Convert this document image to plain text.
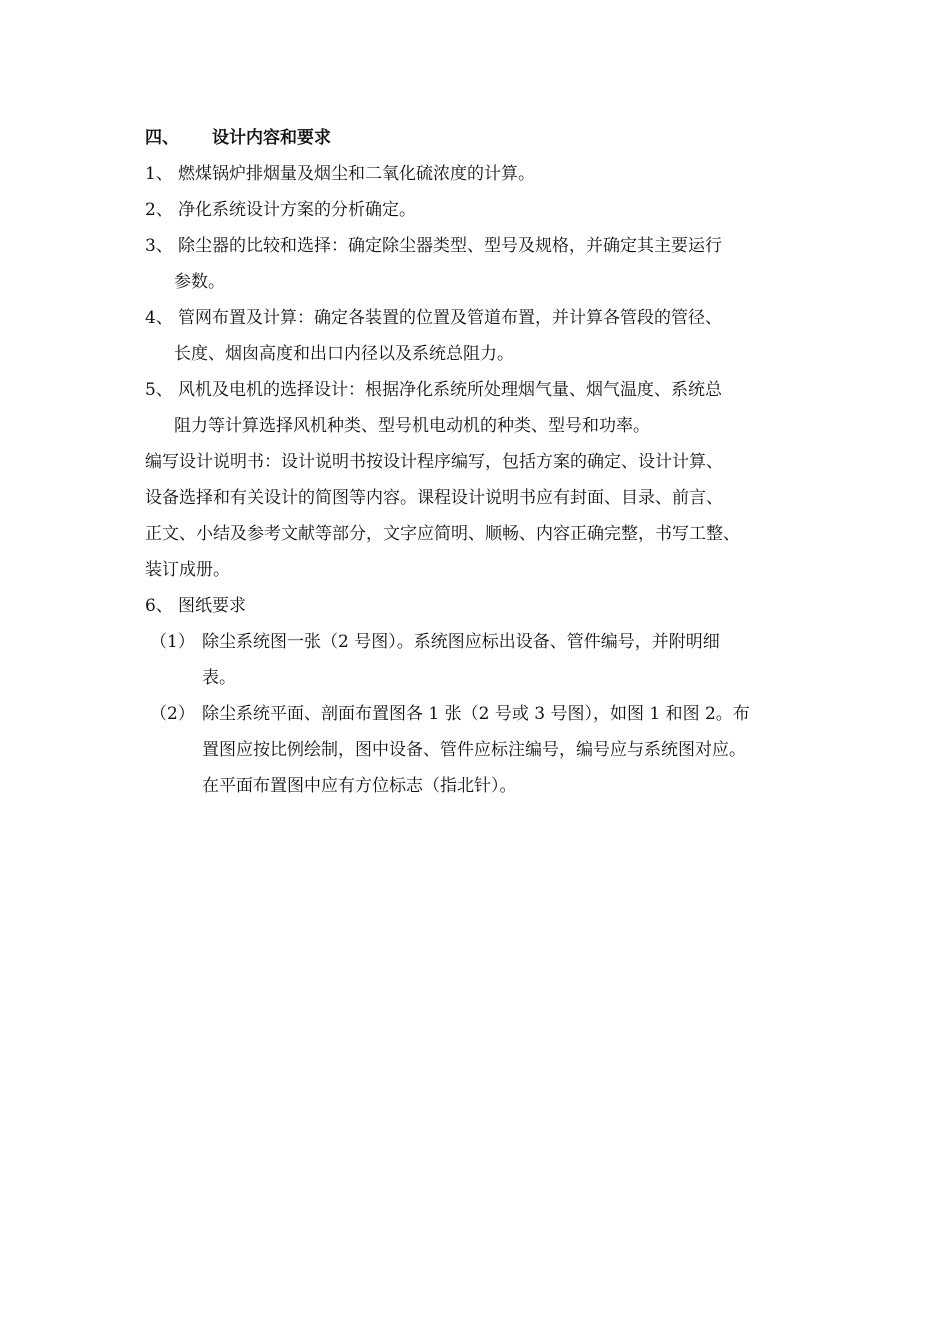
四、 设计内容和要求
1、 燃煤锅炉排烟量及烟尘和二氧化硫浓度的计算。
2、 净化系统设计方案的分析确定。
3、 除尘器的比较和选择：确定除尘器类型、型号及规格，并确定其主要运行
参数。
4、 管网布置及计算：确定各装置的位置及管道布置，并计算各管段的管径、
长度、烟囱高度和出口内径以及系统总阻力。
5、 风机及电机的选择设计：根据净化系统所处理烟气量、烟气温度、系统总
阻力等计算选择风机种类、型号机电动机的种类、型号和功率。
编写设计说明书：设计说明书按设计程序编写，包括方案的确定、设计计算、
设备选择和有关设计的简图等内容。课程设计说明书应有封面、目录、前言、
正文、小结及参考文献等部分，文字应简明、顺畅、内容正确完整，书写工整、
装订成册。
6、 图纸要求
（1） 除尘系统图一张（2 号图）。系统图应标出设备、管件编号，并附明细
表。
（2） 除尘系统平面、剖面布置图各 1 张（2 号或 3 号图），如图 1 和图 2。布
置图应按比例绘制，图中设备、管件应标注编号，编号应与系统图对应。
在平面布置图中应有方位标志（指北针）。
